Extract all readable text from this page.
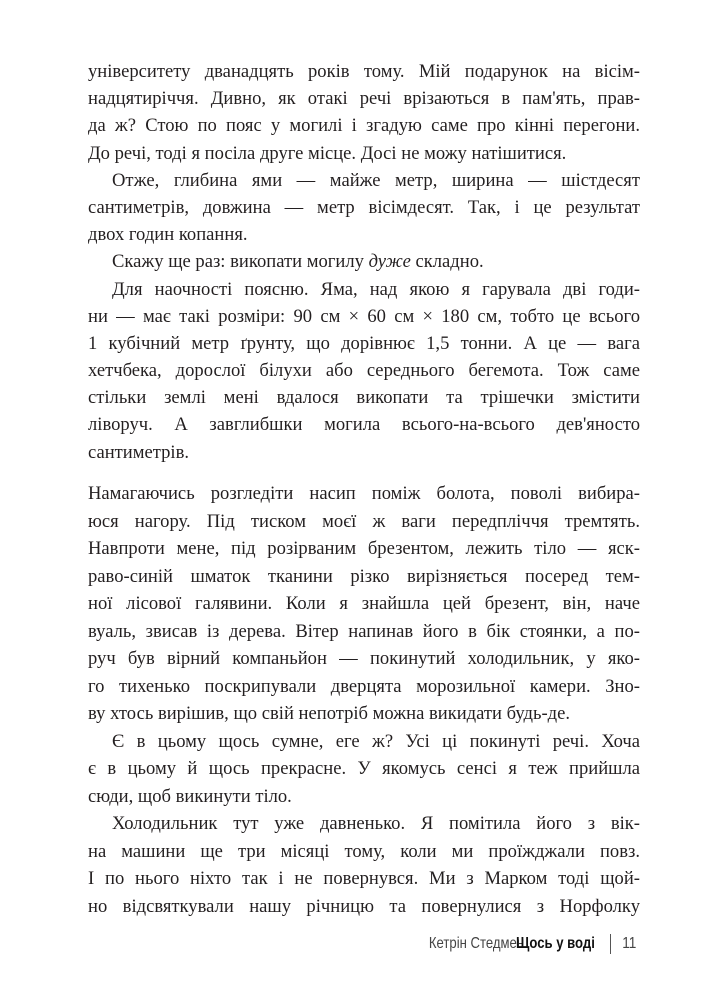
університету дванадцять років тому. Мій подарунок на вісім-
надцятиріччя. Дивно, як отакі речі врізаються в пам'ять, прав-
да ж? Стою по пояс у могилі і згадую саме про кінні перегони.
До речі, тоді я посіла друге місце. Досі не можу натішитися.
Отже, глибина ями — майже метр, ширина — шістдесят
сантиметрів, довжина — метр вісімдесят. Так, і це результат
двох годин копання.
Скажу ще раз: викопати могилу дуже складно.
Для наочності поясню. Яма, над якою я гарувала дві годи-
ни — має такі розміри: 90 см × 60 см × 180 см, тобто це всього
1 кубічний метр ґрунту, що дорівнює 1,5 тонни. А це — вага
хетчбека, дорослої білухи або середнього бегемота. Тож саме
стільки землі мені вдалося викопати та трішечки змістити
ліворуч. А завглибшки могила всього-на-всього дев'яносто
сантиметрів.
Намагаючись розгледіти насип поміж болота, поволі вибира-
юся нагору. Під тиском моєї ж ваги передпліччя тремтять.
Навпроти мене, під розірваним брезентом, лежить тіло — яск-
раво-синій шматок тканини різко вирізняється посеред тем-
ної лісової галявини. Коли я знайшла цей брезент, він, наче
вуаль, звисав із дерева. Вітер напинав його в бік стоянки, а по-
руч був вірний компаньйон — покинутий холодильник, у яко-
го тихенько поскрипували дверцята морозильної камери. Зно-
ву хтось вирішив, що свій непотріб можна викидати будь-де.
Є в цьому щось сумне, еге ж? Усі ці покинуті речі. Хоча
є в цьому й щось прекрасне. У якомусь сенсі я теж прийшла
сюди, щоб викинути тіло.
Холодильник тут уже давненько. Я помітила його з вік-
на машини ще три місяці тому, коли ми проїжджали повз.
І по нього ніхто так і не повернувся. Ми з Марком тоді щой-
но відсвяткували нашу річницю та повернулися з Норфолку
Кетрін Стедмен
Щось у воді 11
